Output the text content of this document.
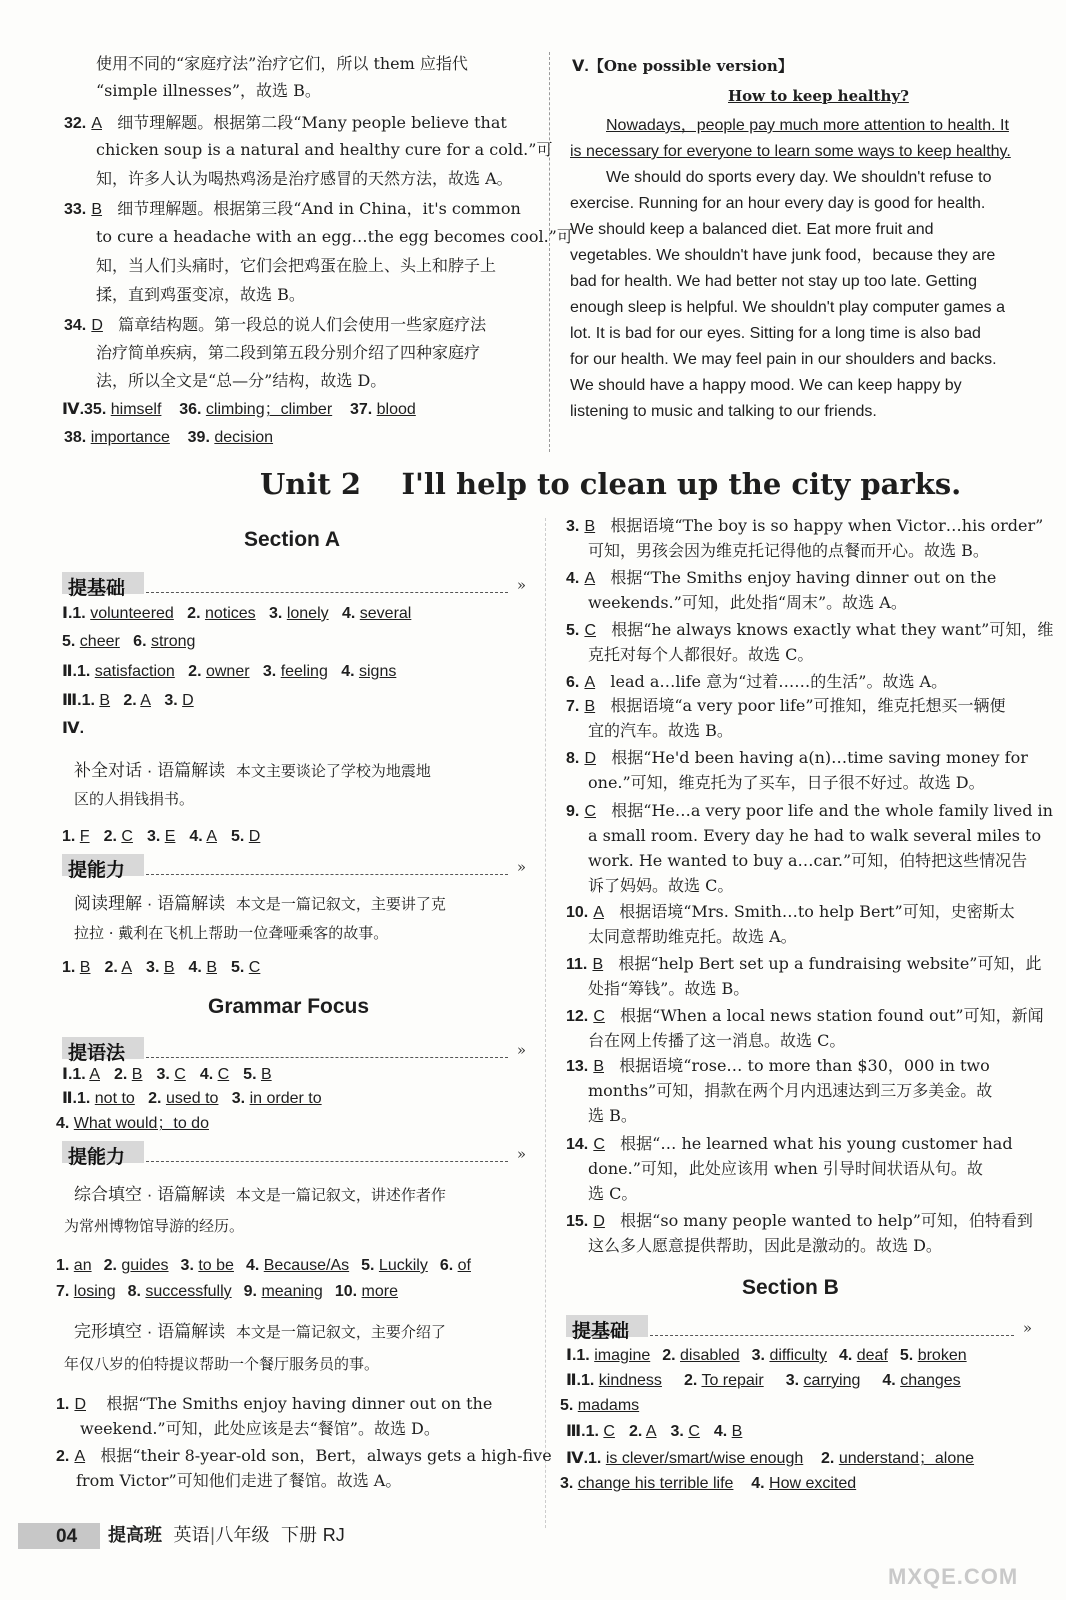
使用不同的“家庭疗法”治疗它们，所以 them 应指代
“simple illnesses”，故选 B。
32. A 细节理解题。根据第二段“Many people believe that
chicken soup is a natural and healthy cure for a cold.”可
知，许多人认为喝热鸡汤是治疗感冒的天然方法，故选 A。
33. B 细节理解题。根据第三段“And in China，it's common
to cure a headache with an egg…the egg becomes cool.”可
知，当人们头痛时，它们会把鸡蛋在脸上、头上和脖子上
揉，直到鸡蛋变凉，故选 B。
34. D 篇章结构题。第一段总的说人们会使用一些家庭疗法
治疗简单疾病，第二段到第五段分别介绍了四种家庭疗
法，所以全文是“总—分”结构，故选 D。
Ⅳ.35. himself 36. climbing；climber 37. blood
38. importance 39. decision
Ⅴ.【One possible version】
How to keep healthy?
Nowadays，people pay much more attention to health. It
is necessary for everyone to learn some ways to keep healthy.
We should do sports every day. We shouldn't refuse to
exercise. Running for an hour every day is good for health.
We should keep a balanced diet. Eat more fruit and
vegetables. We shouldn't have junk food，because they are
bad for health. We had better not stay up too late. Getting
enough sleep is helpful. We shouldn't play computer games a
lot. It is bad for our eyes. Sitting for a long time is also bad
for our health. We may feel pain in our shoulders and backs.
We should have a happy mood. We can keep happy by
listening to music and talking to our friends.
Unit 2    I'll help to clean up the city parks.
Section A
提基础	»
Ⅰ.1. volunteered 2. notices 3. lonely 4. several
5. cheer 6. strong
Ⅱ.1. satisfaction 2. owner 3. feeling 4. signs
Ⅲ.1. B 2. A 3. D
Ⅳ.
补全对话 · 语篇解读 本文主要谈论了学校为地震地
区的人捐钱捐书。
1. F 2. C 3. E 4. A 5. D
提能力	»
阅读理解 · 语篇解读 本文是一篇记叙文，主要讲了克
拉拉 · 戴利在飞机上帮助一位聋哑乘客的故事。
1. B 2. A 3. B 4. B 5. C
Grammar Focus
提语法	»
Ⅰ.1. A 2. B 3. C 4. C 5. B
Ⅱ.1. not to 2. used to 3. in order to
4. What would；to do
提能力	»
综合填空 · 语篇解读 本文是一篇记叙文，讲述作者作
为常州博物馆导游的经历。
1. an 2. guides 3. to be 4. Because/As 5. Luckily 6. of
7. losing 8. successfully 9. meaning 10. more
完形填空 · 语篇解读 本文是一篇记叙文，主要介绍了
年仅八岁的伯特提议帮助一个餐厅服务员的事。
1. D 根据“The Smiths enjoy having dinner out on the
weekend.”可知，此处应该是去“餐馆”。故选 D。
2. A 根据“their 8-year-old son，Bert，always gets a high-five
from Victor”可知他们走进了餐馆。故选 A。
3. B 根据语境“The boy is so happy when Victor…his order”
可知，男孩会因为维克托记得他的点餐而开心。故选 B。
4. A 根据“The Smiths enjoy having dinner out on the
weekends.”可知，此处指“周末”。故选 A。
5. C 根据“he always knows exactly what they want”可知，维
克托对每个人都很好。故选 C。
6. A lead a…life 意为“过着……的生活”。故选 A。
7. B 根据语境“a very poor life”可推知，维克托想买一辆便
宜的汽车。故选 B。
8. D 根据“He'd been having a(n)…time saving money for
one.”可知，维克托为了买车，日子很不好过。故选 D。
9. C 根据“He…a very poor life and the whole family lived in
a small room. Every day he had to walk several miles to
work. He wanted to buy a…car.”可知，伯特把这些情况告
诉了妈妈。故选 C。
10. A 根据语境“Mrs. Smith…to help Bert”可知，史密斯太
太同意帮助维克托。故选 A。
11. B 根据“help Bert set up a fundraising website”可知，此
处指“筹钱”。故选 B。
12. C 根据“When a local news station found out”可知，新闻
台在网上传播了这一消息。故选 C。
13. B 根据语境“rose… to more than $30，000 in two
months”可知，捐款在两个月内迅速达到三万多美金。故
选 B。
14. C 根据“… he learned what his young customer had
done.”可知，此处应该用 when 引导时间状语从句。故
选 C。
15. D 根据“so many people wanted to help”可知，伯特看到
这么多人愿意提供帮助，因此是激动的。故选 D。
Section B
提基础	»
Ⅰ.1. imagine 2. disabled 3. difficulty 4. deaf 5. broken
Ⅱ.1. kindness 2. To repair 3. carrying 4. changes
5. madams
Ⅲ.1. C 2. A 3. C 4. B
Ⅳ.1. is clever/smart/wise enough 2. understand；alone
3. change his terrible life 4. How excited
04 提高班 英语|八年级 下册 RJ
MXQE.COM
